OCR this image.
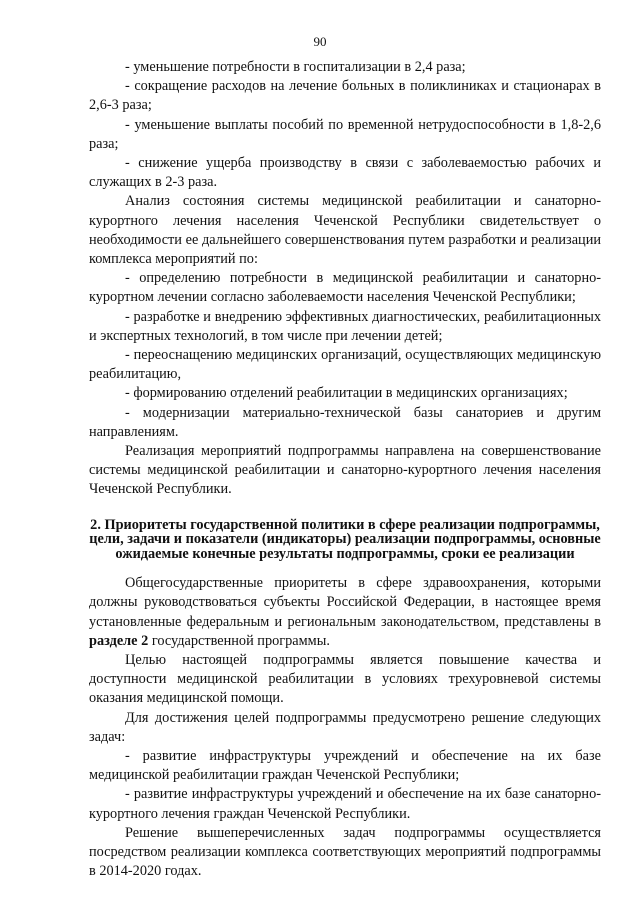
90

- уменьшение потребности в госпитализации в 2,4 раза;

- сокращение расходов на лечение больных в поликлиниках и стационарах в 2,6-3 раза;

- уменьшение выплаты пособий по временной нетрудоспособности в 1,8-2,6 раза;

- снижение ущерба производству в связи с заболеваемостью рабочих и служащих в 2-3 раза.

Анализ состояния системы медицинской реабилитации и санаторно-курортного лечения населения Чеченской Республики свидетельствует о необходимости ее дальнейшего совершенствования путем разработки и реализации комплекса мероприятий по:

- определению потребности в медицинской реабилитации и санаторно-курортном лечении согласно заболеваемости населения Чеченской Республики;

- разработке и внедрению эффективных диагностических, реабилитационных и экспертных технологий, в том числе при лечении детей;

- переоснащению медицинских организаций, осуществляющих медицинскую реабилитацию,

- формированию отделений реабилитации в медицинских организациях;

- модернизации материально-технической базы санаториев и другим направлениям.

Реализация мероприятий подпрограммы направлена на совершенствование системы медицинской реабилитации и санаторно-курортного лечения населения Чеченской Республики.

2. Приоритеты государственной политики в сфере реализации подпрограммы, цели, задачи и показатели (индикаторы) реализации подпрограммы, основные ожидаемые конечные результаты подпрограммы, сроки ее реализации

Общегосударственные приоритеты в сфере здравоохранения, которыми должны руководствоваться субъекты Российской Федерации, в настоящее время установленные федеральным и региональным законодательством, представлены в разделе 2 государственной программы.

Целью настоящей подпрограммы является повышение качества и доступности медицинской реабилитации в условиях трехуровневой системы оказания медицинской помощи.

Для достижения целей подпрограммы предусмотрено решение следующих задач:

- развитие инфраструктуры учреждений и обеспечение на их базе медицинской реабилитации граждан Чеченской Республики;

- развитие инфраструктуры учреждений и обеспечение на их базе санаторно-курортного лечения граждан Чеченской Республики.

Решение вышеперечисленных задач подпрограммы осуществляется посредством реализации комплекса соответствующих мероприятий подпрограммы в 2014-2020 годах.
